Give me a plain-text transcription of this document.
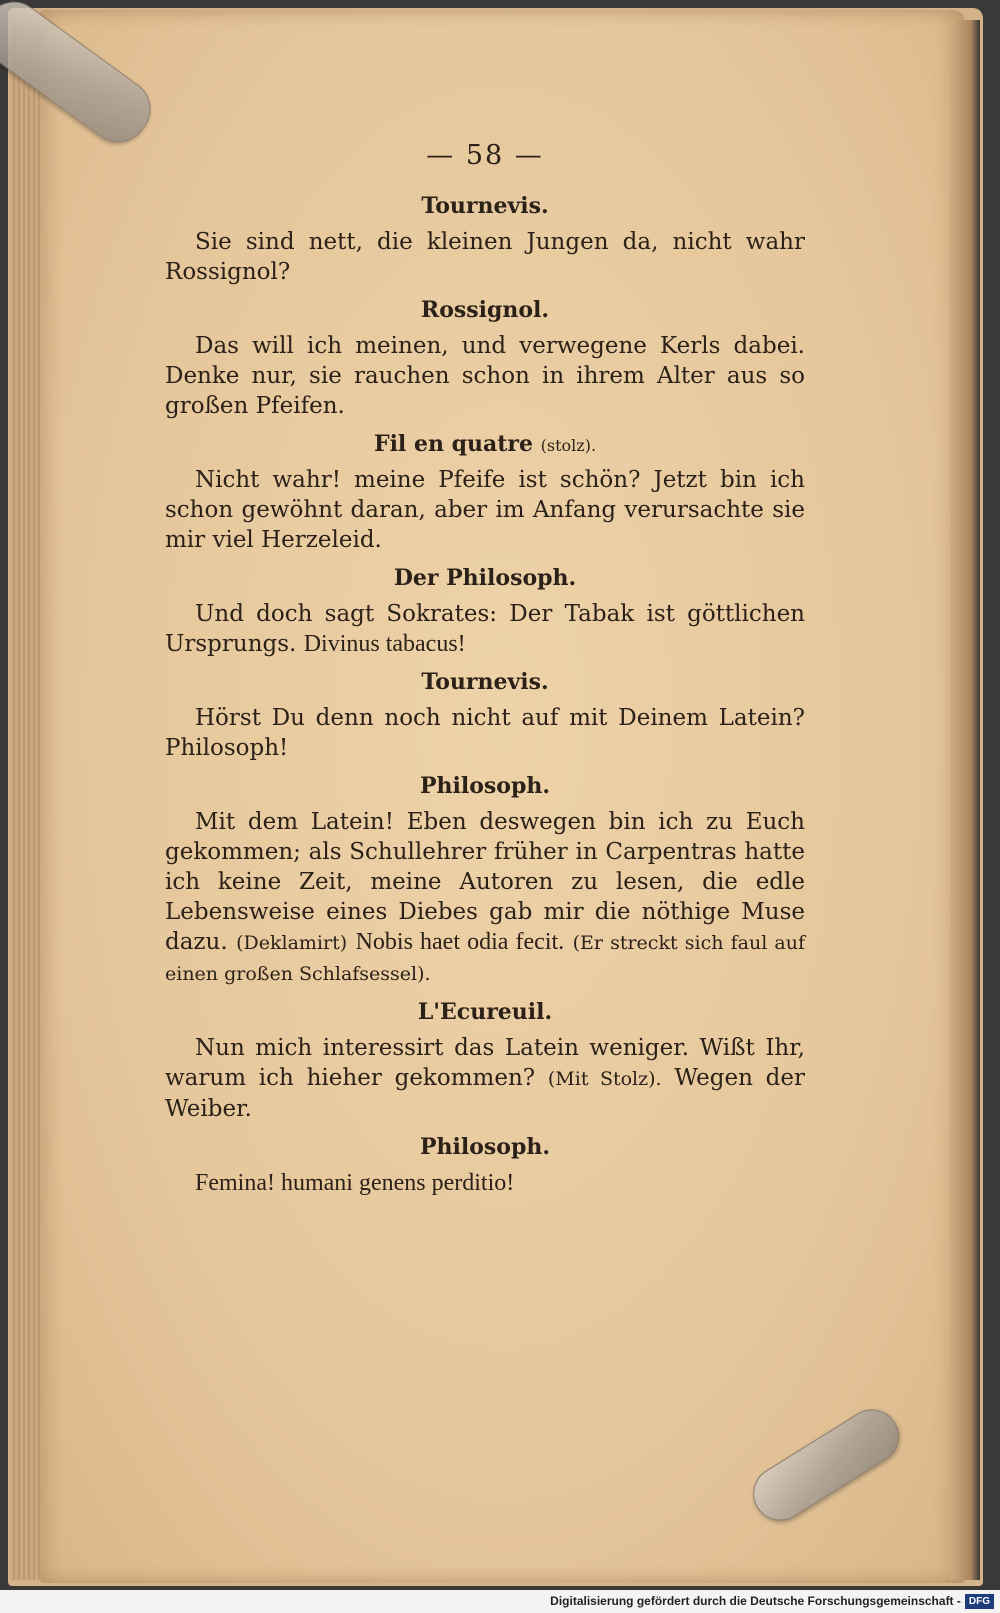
— 58 —
Tournevis.

Sie sind nett, die kleinen Jungen da, nicht wahr Rossignol?

Rossignol.

Das will ich meinen, und verwegene Kerls dabei. Denke nur, sie rauchen schon in ihrem Alter aus so großen Pfeifen.

Fil en quatre (stolz).

Nicht wahr! meine Pfeife ist schön? Jetzt bin ich schon gewöhnt daran, aber im Anfang verursachte sie mir viel Herzeleid.

Der Philosoph.

Und doch sagt Sokrates: Der Tabak ist göttlichen Ursprungs. Divinus tabacus!

Tournevis.

Hörst Du denn noch nicht auf mit Deinem Latein? Philosoph!

Philosoph.

Mit dem Latein! Eben deswegen bin ich zu Euch gekommen; als Schullehrer früher in Carpentras hatte ich keine Zeit, meine Autoren zu lesen, die edle Lebensweise eines Diebes gab mir die nöthige Muse dazu. (Deklamirt) Nobis haet odia fecit. (Er streckt sich faul auf einen großen Schlafsessel).

L'Ecureuil.

Nun mich interessirt das Latein weniger. Wißt Ihr, warum ich hieher gekommen? (Mit Stolz). Wegen der Weiber.

Philosoph.

Femina! humani genens perditio!

Digitalisierung gefördert durch die Deutsche Forschungsgemeinschaft - DFG
